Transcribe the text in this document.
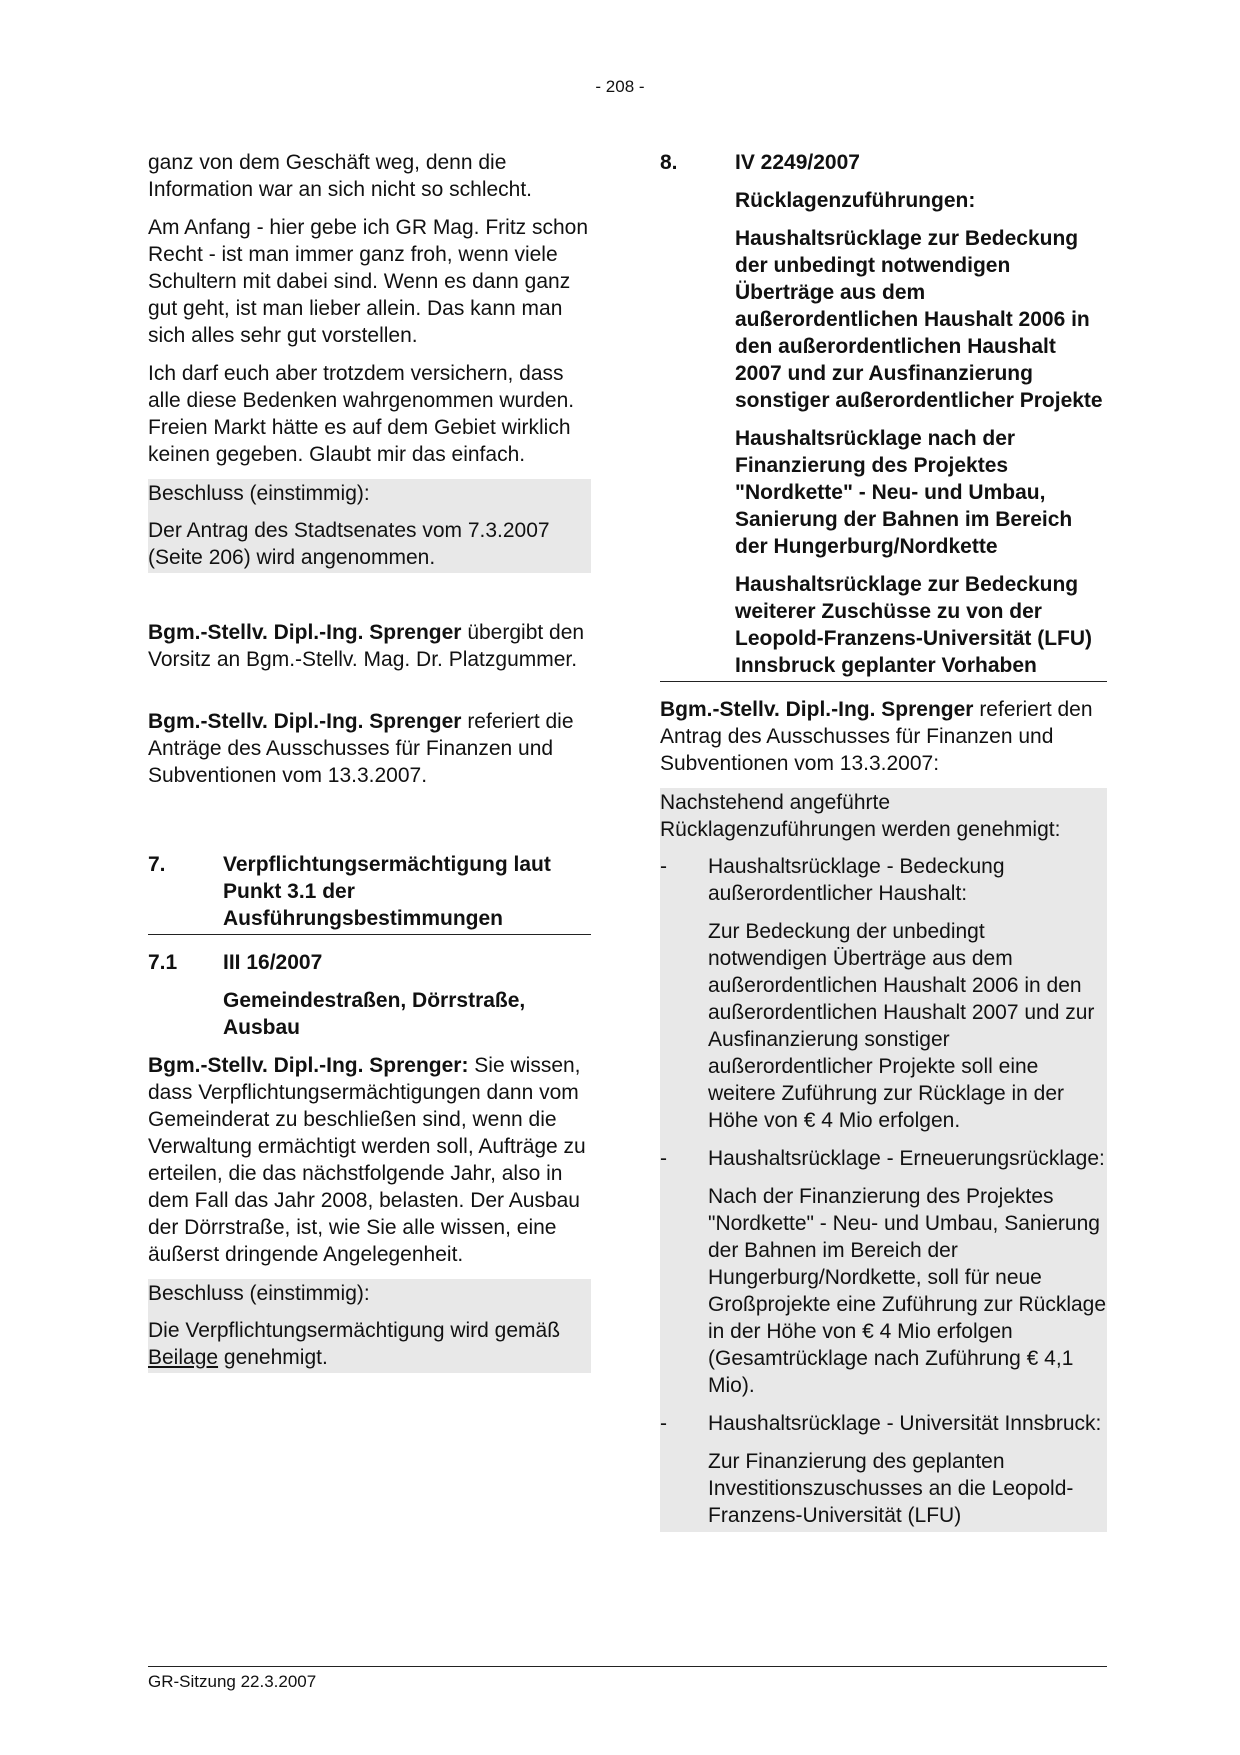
- 208 -

ganz von dem Geschäft weg, denn die Information war an sich nicht so schlecht.

Am Anfang - hier gebe ich GR Mag. Fritz schon Recht - ist man immer ganz froh, wenn viele Schultern mit dabei sind. Wenn es dann ganz gut geht, ist man lieber allein. Das kann man sich alles sehr gut vorstellen.

Ich darf euch aber trotzdem versichern, dass alle diese Bedenken wahrgenommen wurden. Freien Markt hätte es auf dem Gebiet wirklich keinen gegeben. Glaubt mir das einfach.

Beschluss (einstimmig):

Der Antrag des Stadtsenates vom 7.3.2007 (Seite 206) wird angenommen.

Bgm.-Stellv. Dipl.-Ing. Sprenger übergibt den Vorsitz an Bgm.-Stellv. Mag. Dr. Platzgummer.

Bgm.-Stellv. Dipl.-Ing. Sprenger referiert die Anträge des Ausschusses für Finanzen und Subventionen vom 13.3.2007.

7.	Verpflichtungsermächtigung laut Punkt 3.1 der Ausführungsbestimmungen
7.1	III 16/2007
Gemeindestraßen, Dörrstraße, Ausbau

Bgm.-Stellv. Dipl.-Ing. Sprenger: Sie wissen, dass Verpflichtungsermächtigungen dann vom Gemeinderat zu beschließen sind, wenn die Verwaltung ermächtigt werden soll, Aufträge zu erteilen, die das nächstfolgende Jahr, also in dem Fall das Jahr 2008, belasten. Der Ausbau der Dörrstraße, ist, wie Sie alle wissen, eine äußerst dringende Angelegenheit.

Beschluss (einstimmig):

Die Verpflichtungsermächtigung wird gemäß Beilage genehmigt.

8.	IV 2249/2007
Rücklagenzuführungen:
Haushaltsrücklage zur Bedeckung der unbedingt notwendigen Überträge aus dem außerordentlichen Haushalt 2006 in den außerordentlichen Haushalt 2007 und zur Ausfinanzierung sonstiger außerordentlicher Projekte
Haushaltsrücklage nach der Finanzierung des Projektes "Nordkette" - Neu- und Umbau, Sanierung der Bahnen im Bereich der Hungerburg/Nordkette
Haushaltsrücklage zur Bedeckung weiterer Zuschüsse zu von der Leopold-Franzens-Universität (LFU) Innsbruck geplanter Vorhaben

Bgm.-Stellv. Dipl.-Ing. Sprenger referiert den Antrag des Ausschusses für Finanzen und Subventionen vom 13.3.2007:

Nachstehend angeführte Rücklagenzuführungen werden genehmigt:

-	Haushaltsrücklage - Bedeckung außerordentlicher Haushalt:
Zur Bedeckung der unbedingt notwendigen Überträge aus dem außerordentlichen Haushalt 2006 in den außerordentlichen Haushalt 2007 und zur Ausfinanzierung sonstiger außerordentlicher Projekte soll eine weitere Zuführung zur Rücklage in der Höhe von € 4 Mio erfolgen.
-	Haushaltsrücklage - Erneuerungsrücklage:
Nach der Finanzierung des Projektes "Nordkette" - Neu- und Umbau, Sanierung der Bahnen im Bereich der Hungerburg/Nordkette, soll für neue Großprojekte eine Zuführung zur Rücklage in der Höhe von € 4 Mio erfolgen (Gesamtrücklage nach Zuführung € 4,1 Mio).
-	Haushaltsrücklage - Universität Innsbruck:
Zur Finanzierung des geplanten Investitionszuschusses an die Leopold-Franzens-Universität (LFU)
GR-Sitzung 22.3.2007
